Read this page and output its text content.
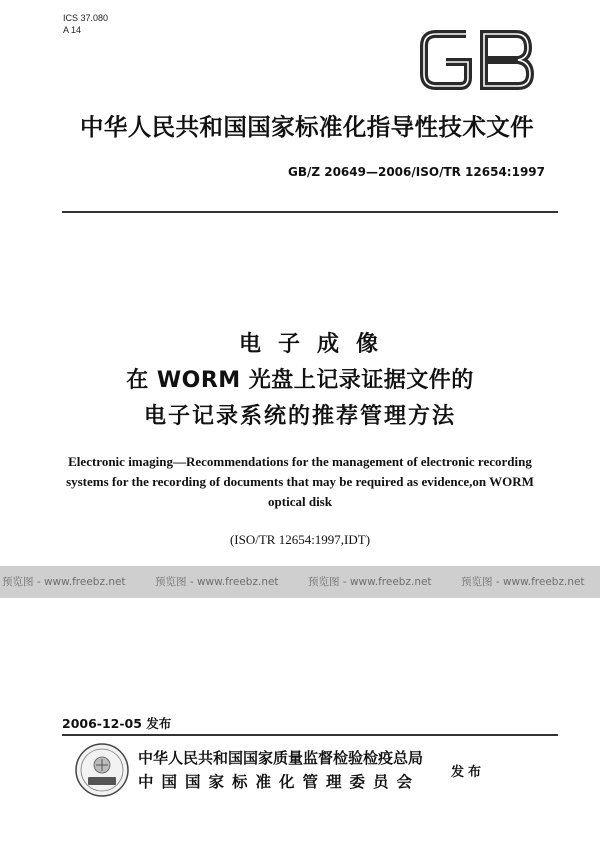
ICS 37.080
A 14
中华人民共和国国家标准化指导性技术文件
GB/Z 20649—2006/ISO/TR 12654:1997
电子成像
在 WORM 光盘上记录证据文件的
电子记录系统的推荐管理方法
Electronic imaging—Recommendations for the management of electronic recording systems for the recording of documents that may be required as evidence,on WORM optical disk
(ISO/TR 12654:1997,IDT)
预览图 - www.freebz.net	预览图 - www.freebz.net	预览图 - www.freebz.net	预览图 - www.freebz.net
2006-12-05 发布
中华人民共和国国家质量监督检验检疫总局
中国国家标准化管理委员会
发布
